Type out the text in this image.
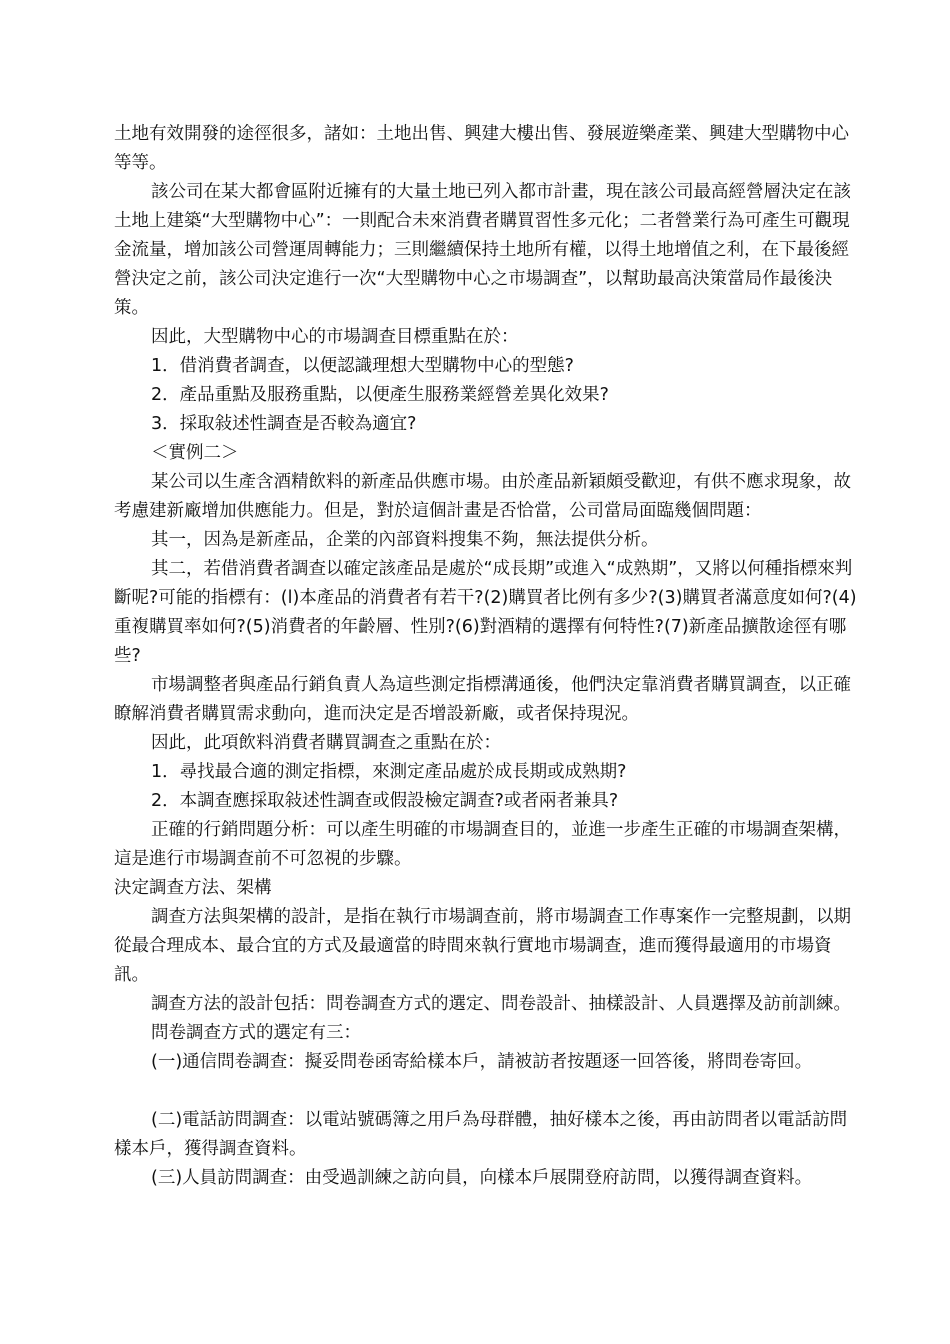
土地有效開發的途徑很多，諸如：土地出售、興建大樓出售、發展遊樂產業、興建大型購物中心等等。

該公司在某大都會區附近擁有的大量土地已列入都市計畫，現在該公司最高經營層決定在該土地上建築“大型購物中心”：一則配合未來消費者購買習性多元化；二者營業行為可產生可觀現金流量，增加該公司營運周轉能力；三則繼續保持土地所有權，以得土地增值之利，在下最後經營決定之前，該公司決定進行一次“大型購物中心之市場調查”，以幫助最高決策當局作最後決策。

因此，大型購物中心的市場調查目標重點在於：

1．借消費者調查，以便認識理想大型購物中心的型態?

2．產品重點及服務重點，以便產生服務業經營差異化效果?

3．採取敍述性調查是否較為適宜?

＜實例二＞

某公司以生產含酒精飲料的新產品供應市場。由於產品新穎頗受歡迎，有供不應求現象，故考慮建新廠增加供應能力。但是，對於這個計畫是否恰當，公司當局面臨幾個問題：

其一，因為是新產品，企業的內部資料搜集不夠，無法提供分析。

其二，若借消費者調查以確定該產品是處於“成長期”或進入“成熟期”，又將以何種指標來判斷呢?可能的指標有：(l)本產品的消費者有若干?(2)購買者比例有多少?(3)購買者滿意度如何?(4)重複購買率如何?(5)消費者的年齡層、性別?(6)對酒精的選擇有何特性?(7)新產品擴散途徑有哪些?

市場調整者與產品行銷負責人為這些測定指標溝通後，他們決定靠消費者購買調查，以正確瞭解消費者購買需求動向，進而決定是否增設新廠，或者保持現況。

因此，此項飲料消費者購買調查之重點在於：

1．尋找最合適的測定指標，來測定產品處於成長期或成熟期?

2．本調查應採取敍述性調查或假設檢定調查?或者兩者兼具?

正確的行銷問題分析：可以產生明確的市場調查目的，並進一步產生正確的市場調查架構，這是進行市場調查前不可忽視的步驟。

決定調查方法、架構

調查方法與架構的設計，是指在執行市場調查前，將市場調查工作專案作一完整規劃，以期從最合理成本、最合宜的方式及最適當的時間來執行實地市場調查，進而獲得最適用的市場資訊。

調查方法的設計包括：問卷調查方式的選定、問卷設計、抽樣設計、人員選擇及訪前訓練。

問卷調查方式的選定有三：

(一)通信問卷調查：擬妥問卷函寄給樣本戶，請被訪者按題逐一回答後，將問卷寄回。

(二)電話訪問調查：以電站號碼簿之用戶為母群體，抽好樣本之後，再由訪問者以電話訪問樣本戶，獲得調查資料。

(三)人員訪問調查：由受過訓練之訪向員，向樣本戶展開登府訪問，以獲得調查資料。
